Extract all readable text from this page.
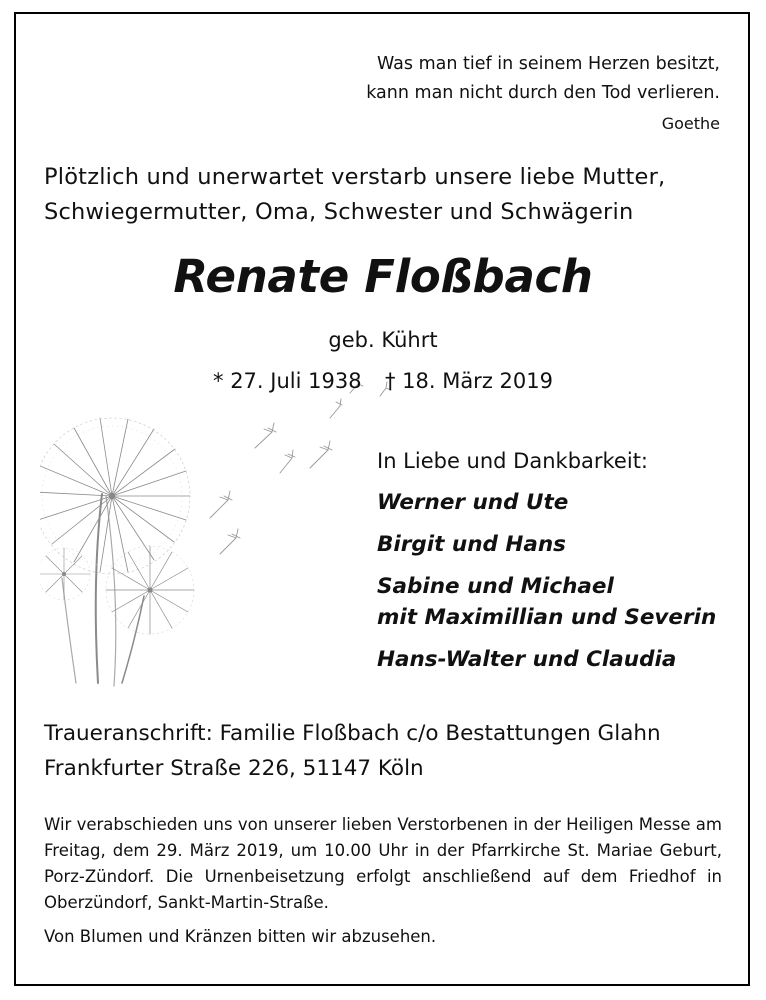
Was man tief in seinem Herzen besitzt,
kann man nicht durch den Tod verlieren.
Goethe
Plötzlich und unerwartet verstarb unsere liebe Mutter,
Schwiegermutter, Oma, Schwester und Schwägerin
Renate Floßbach
geb. Kührt
* 27. Juli 1938 † 18. März 2019
In Liebe und Dankbarkeit:
Werner und Ute
Birgit und Hans
Sabine und Michael
mit Maximillian und Severin
Hans-Walter und Claudia
Traueranschrift: Familie Floßbach c/o Bestattungen Glahn
Frankfurter Straße 226, 51147 Köln
Wir verabschieden uns von unserer lieben Verstorbenen in der Heiligen Messe am Freitag, dem 29. März 2019, um 10.00 Uhr in der Pfarrkirche St. Mariae Geburt, Porz-Zündorf. Die Urnenbeisetzung erfolgt anschließend auf dem Friedhof in Oberzündorf, Sankt-Martin-Straße.
Von Blumen und Kränzen bitten wir abzusehen.
